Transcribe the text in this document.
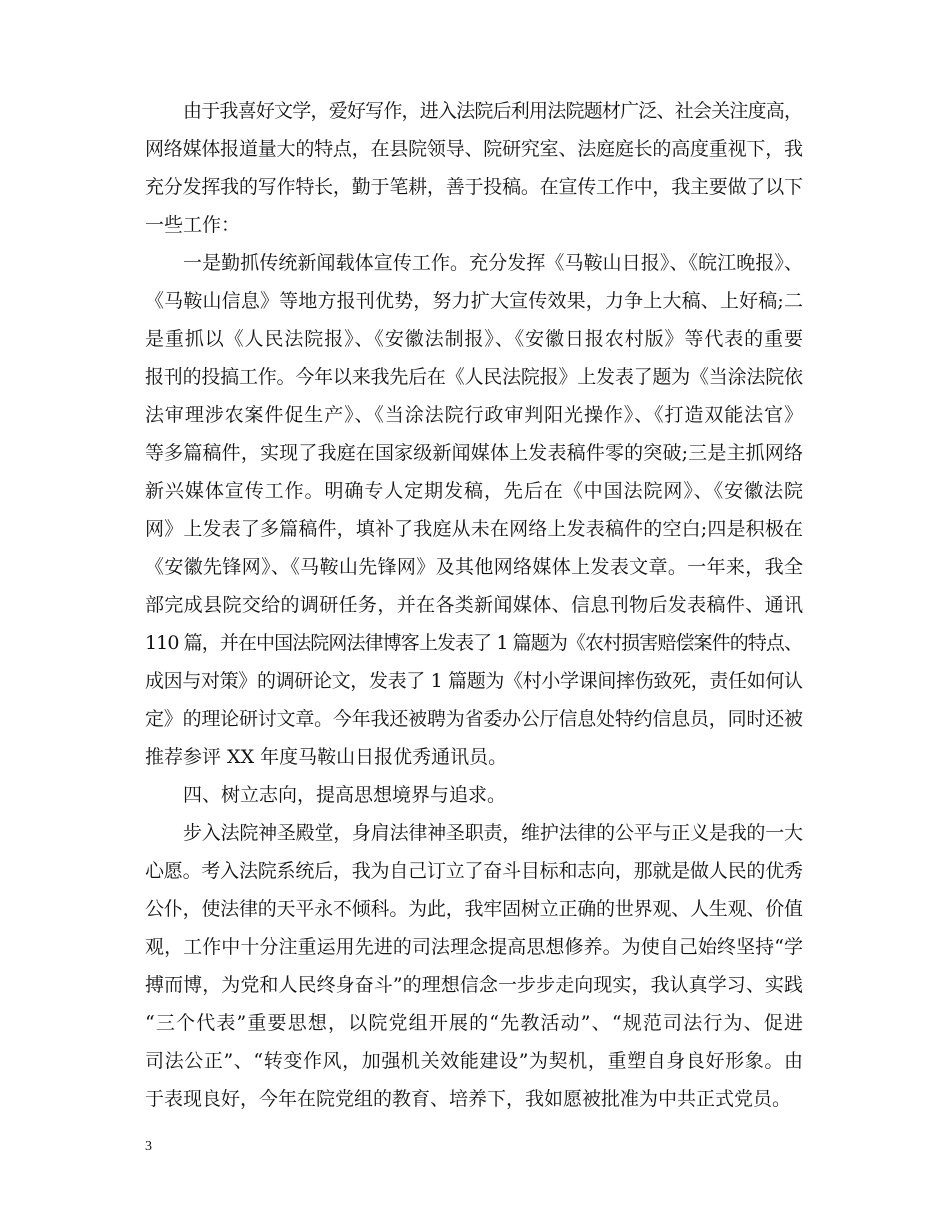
由于我喜好文学，爱好写作，进入法院后利用法院题材广泛、社会关注度高，
网络媒体报道量大的特点，在县院领导、院研究室、法庭庭长的高度重视下，我
充分发挥我的写作特长，勤于笔耕，善于投稿。在宣传工作中，我主要做了以下
一些工作：
一是勤抓传统新闻载体宣传工作。充分发挥《马鞍山日报》、《皖江晚报》、
《马鞍山信息》等地方报刊优势，努力扩大宣传效果，力争上大稿、上好稿;二
是重抓以《人民法院报》、《安徽法制报》、《安徽日报农村版》等代表的重要
报刊的投搞工作。今年以来我先后在《人民法院报》上发表了题为《当涂法院依
法审理涉农案件促生产》、《当涂法院行政审判阳光操作》、《打造双能法官》
等多篇稿件，实现了我庭在国家级新闻媒体上发表稿件零的突破;三是主抓网络
新兴媒体宣传工作。明确专人定期发稿，先后在《中国法院网》、《安徽法院
网》上发表了多篇稿件，填补了我庭从未在网络上发表稿件的空白;四是积极在
《安徽先锋网》、《马鞍山先锋网》及其他网络媒体上发表文章。一年来，我全
部完成县院交给的调研任务，并在各类新闻媒体、信息刊物后发表稿件、通讯
110 篇，并在中国法院网法律博客上发表了 1 篇题为《农村损害赔偿案件的特点、
成因与对策》的调研论文，发表了 1 篇题为《村小学课间摔伤致死，责任如何认
定》的理论研讨文章。今年我还被聘为省委办公厅信息处特约信息员，同时还被
推荐参评 XX 年度马鞍山日报优秀通讯员。
四、树立志向，提高思想境界与追求。
步入法院神圣殿堂，身肩法律神圣职责，维护法律的公平与正义是我的一大
心愿。考入法院系统后，我为自己订立了奋斗目标和志向，那就是做人民的优秀
公仆，使法律的天平永不倾科。为此，我牢固树立正确的世界观、人生观、价值
观，工作中十分注重运用先进的司法理念提高思想修养。为使自己始终坚持“学
搏而博，为党和人民终身奋斗”的理想信念一步步走向现实，我认真学习、实践
“三个代表”重要思想，以院党组开展的“先教活动”、“规范司法行为、促进
司法公正”、“转变作风，加强机关效能建设”为契机，重塑自身良好形象。由
于表现良好，今年在院党组的教育、培养下，我如愿被批准为中共正式党员。
3
